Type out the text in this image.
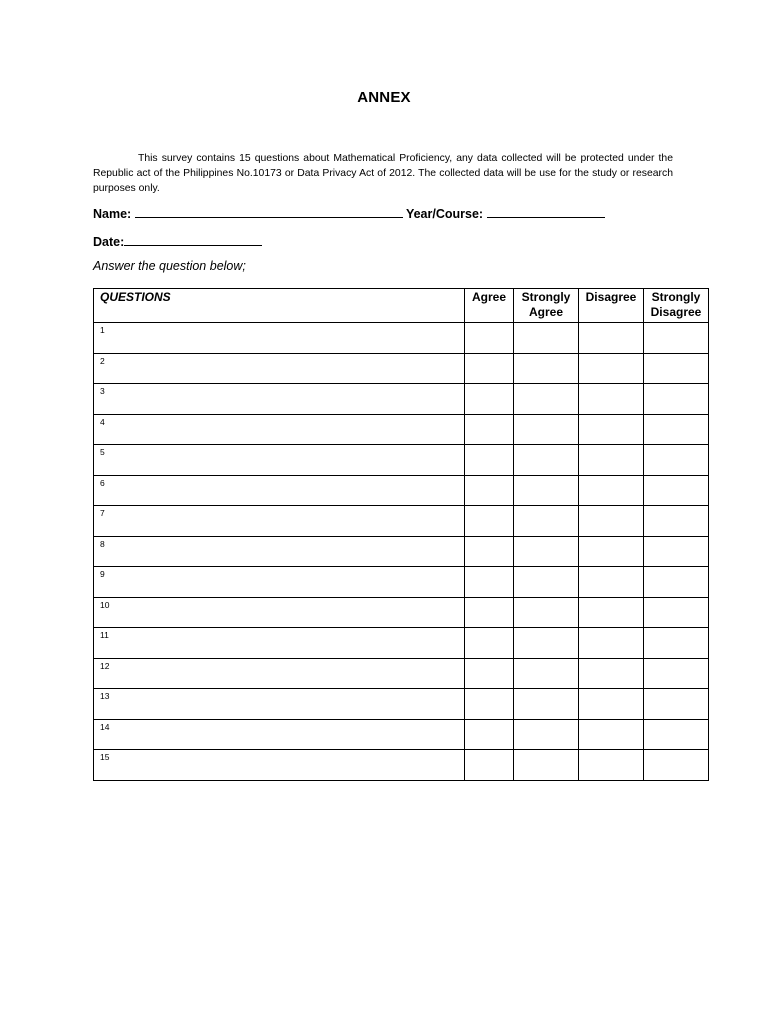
ANNEX
This survey contains 15 questions about Mathematical Proficiency, any data collected will be protected under the Republic act of the Philippines No.10173 or Data Privacy Act of 2012. The collected data will be use for the study or research purposes only.
Name:	Year/Course:
Date:
Answer the question below;
QUESTIONS	Agree	Strongly Agree	Disagree	Strongly Disagree
1				
2				
3				
4				
5				
6				
7				
8				
9				
10				
11				
12				
13				
14				
15				
